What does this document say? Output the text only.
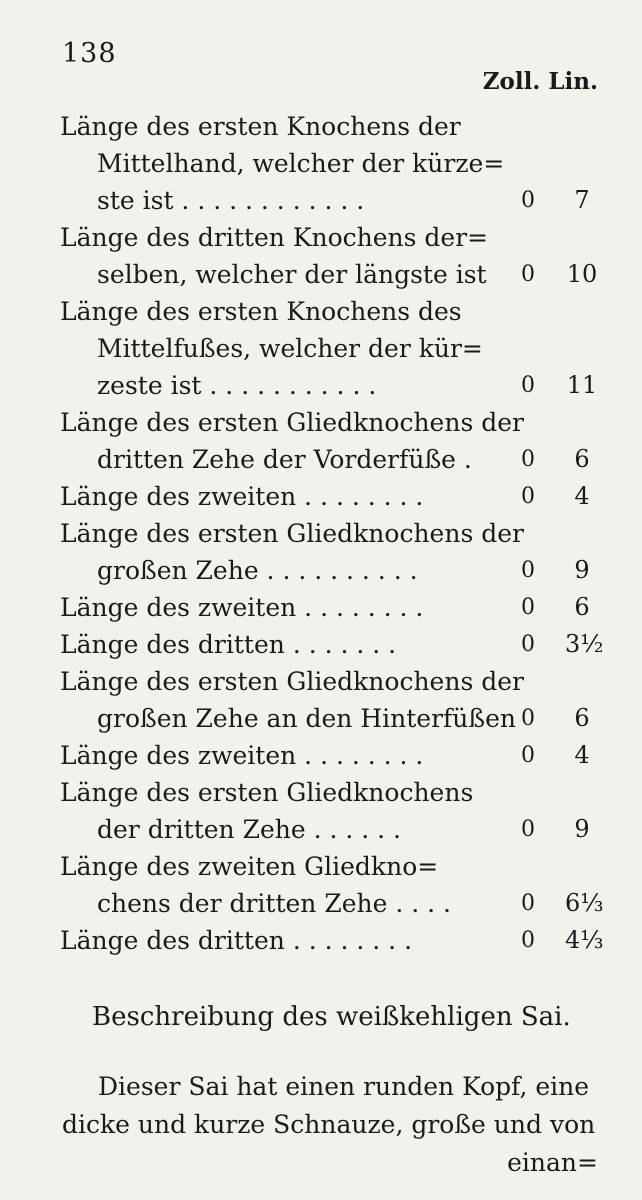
138
Zoll. Lin.
Länge des ersten Knochens der
Mittelhand, welcher der kürze=
ste ist . . . . . . . . . . . .	0	7
Länge des dritten Knochens der=
selben, welcher der längste ist 0 10
Länge des ersten Knochens des
Mittelfußes, welcher der kür=
zeste ist . . . . . . . . . . .	0 11
Länge des ersten Gliedknochens der
dritten Zehe der Vorderfüße . 0	6
Länge des zweiten . . . . . . . .	0	4
Länge des ersten Gliedknochens der
großen Zehe . . . . . . . . . .	0	9
Länge des zweiten . . . . . . . .	0	6
Länge des dritten . . . . . . .	0 3½
Länge des ersten Gliedknochens der
großen Zehe an den Hinterfüßen 0	6
Länge des zweiten . . . . . . . .	0	4
Länge des ersten Gliedknochens
der dritten Zehe . . . . . .	0	9
Länge des zweiten Gliedkno=
chens der dritten Zehe . . . .	0 6⅓
Länge des dritten . . . . . . . .	0 4⅓
Beschreibung des weißkehligen Sai.
Dieser Sai hat einen runden Kopf, eine
dicke und kurze Schnauze, große und von
einan=
